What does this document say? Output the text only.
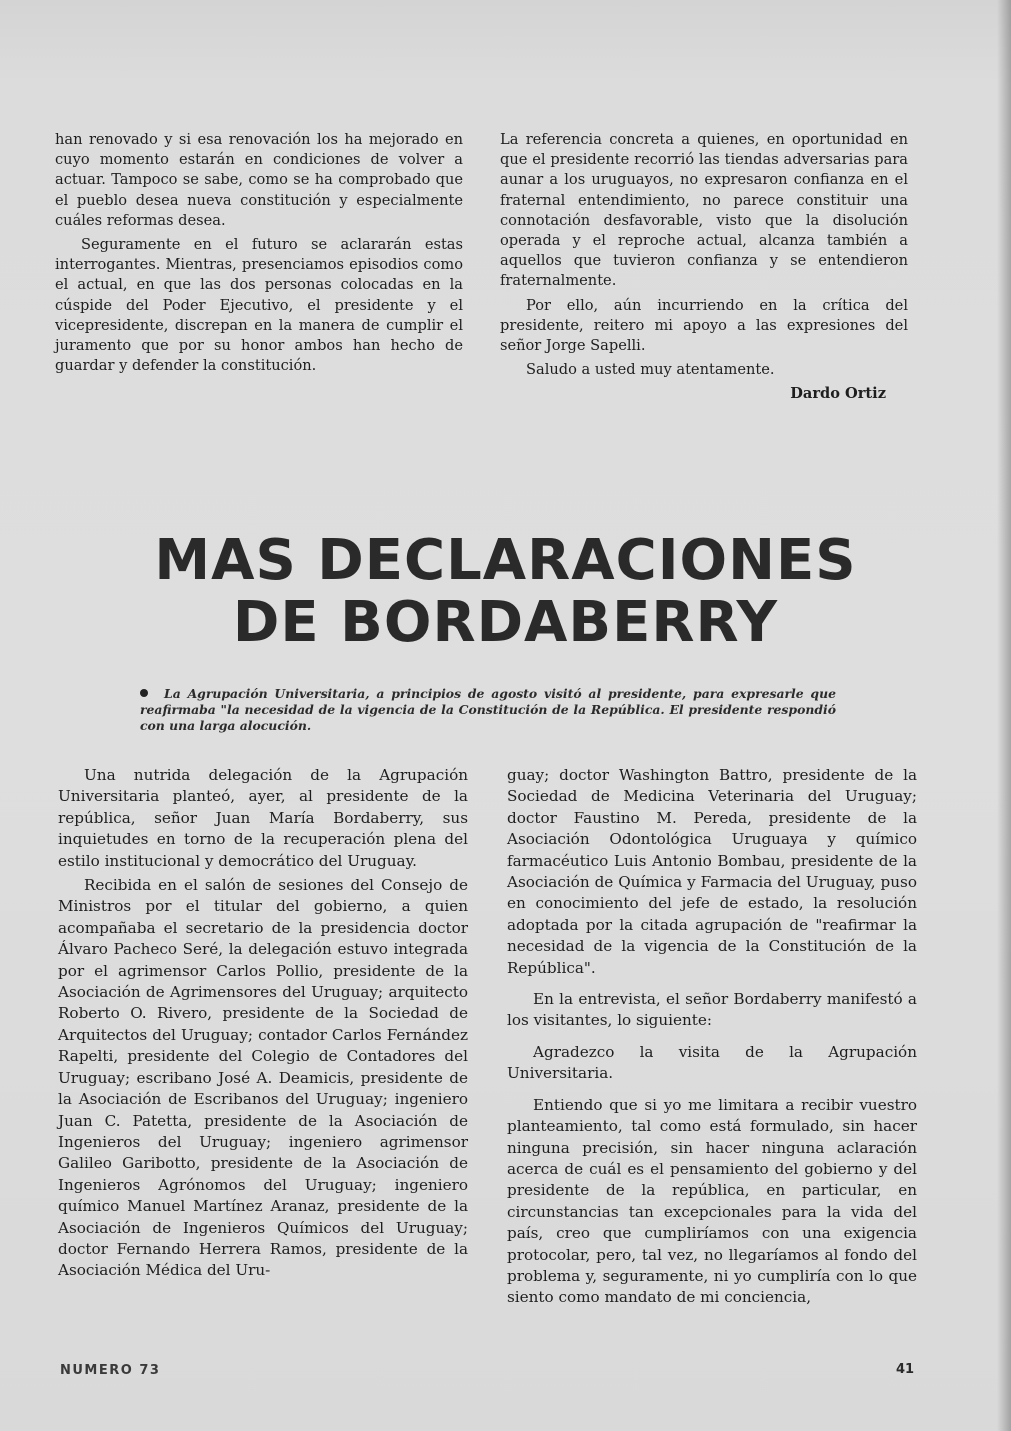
han renovado y si esa renovación los ha mejorado en cuyo momento estarán en condiciones de volver a actuar. Tampoco se sabe, como se ha comprobado que el pueblo desea nueva constitución y especialmente cuáles reformas desea.

Seguramente en el futuro se aclararán estas interrogantes. Mientras, presenciamos episodios como el actual, en que las dos personas colocadas en la cúspide del Poder Ejecutivo, el presidente y el vicepresidente, discrepan en la manera de cumplir el juramento que por su honor ambos han hecho de guardar y defender la constitución.

La referencia concreta a quienes, en oportunidad en que el presidente recorrió las tiendas adversarias para aunar a los uruguayos, no expresaron confianza en el fraternal entendimiento, no parece constituir una connotación desfavorable, visto que la disolución operada y el reproche actual, alcanza también a aquellos que tuvieron confianza y se entendieron fraternalmente.

Por ello, aún incurriendo en la crítica del presidente, reitero mi apoyo a las expresiones del señor Jorge Sapelli.

Saludo a usted muy atentamente.

Dardo Ortiz
MAS DECLARACIONES
DE BORDABERRY
La Agrupación Universitaria, a principios de agosto visitó al presidente, para expresarle que reafirmaba "la necesidad de la vigencia de la Constitución de la República. El presidente respondió con una larga alocución.

Una nutrida delegación de la Agrupación Universitaria planteó, ayer, al presidente de la república, señor Juan María Bordaberry, sus inquietudes en torno de la recuperación plena del estilo institucional y democrático del Uruguay.

Recibida en el salón de sesiones del Consejo de Ministros por el titular del gobierno, a quien acompañaba el secretario de la presidencia doctor Álvaro Pacheco Seré, la delegación estuvo integrada por el agrimensor Carlos Pollio, presidente de la Asociación de Agrimensores del Uruguay; arquitecto Roberto O. Rivero, presidente de la Sociedad de Arquitectos del Uruguay; contador Carlos Fernández Rapelti, presidente del Colegio de Contadores del Uruguay; escribano José A. Deamicis, presidente de la Asociación de Escribanos del Uruguay; ingeniero Juan C. Patetta, presidente de la Asociación de Ingenieros del Uruguay; ingeniero agrimensor Galileo Garibotto, presidente de la Asociación de Ingenieros Agrónomos del Uruguay; ingeniero químico Manuel Martínez Aranaz, presidente de la Asociación de Ingenieros Químicos del Uruguay; doctor Fernando Herrera Ramos, presidente de la Asociación Médica del Uru-

guay; doctor Washington Battro, presidente de la Sociedad de Medicina Veterinaria del Uruguay; doctor Faustino M. Pereda, presidente de la Asociación Odontológica Uruguaya y químico farmacéutico Luis Antonio Bombau, presidente de la Asociación de Química y Farmacia del Uruguay, puso en conocimiento del jefe de estado, la resolución adoptada por la citada agrupación de "reafirmar la necesidad de la vigencia de la Constitución de la República".

En la entrevista, el señor Bordaberry manifestó a los visitantes, lo siguiente:

Agradezco la visita de la Agrupación Universitaria.

Entiendo que si yo me limitara a recibir vuestro planteamiento, tal como está formulado, sin hacer ninguna precisión, sin hacer ninguna aclaración acerca de cuál es el pensamiento del gobierno y del presidente de la república, en particular, en circunstancias tan excepcionales para la vida del país, creo que cumpliríamos con una exigencia protocolar, pero, tal vez, no llegaríamos al fondo del problema y, seguramente, ni yo cumpliría con lo que siento como mandato de mi conciencia,

NUMERO 73	41
